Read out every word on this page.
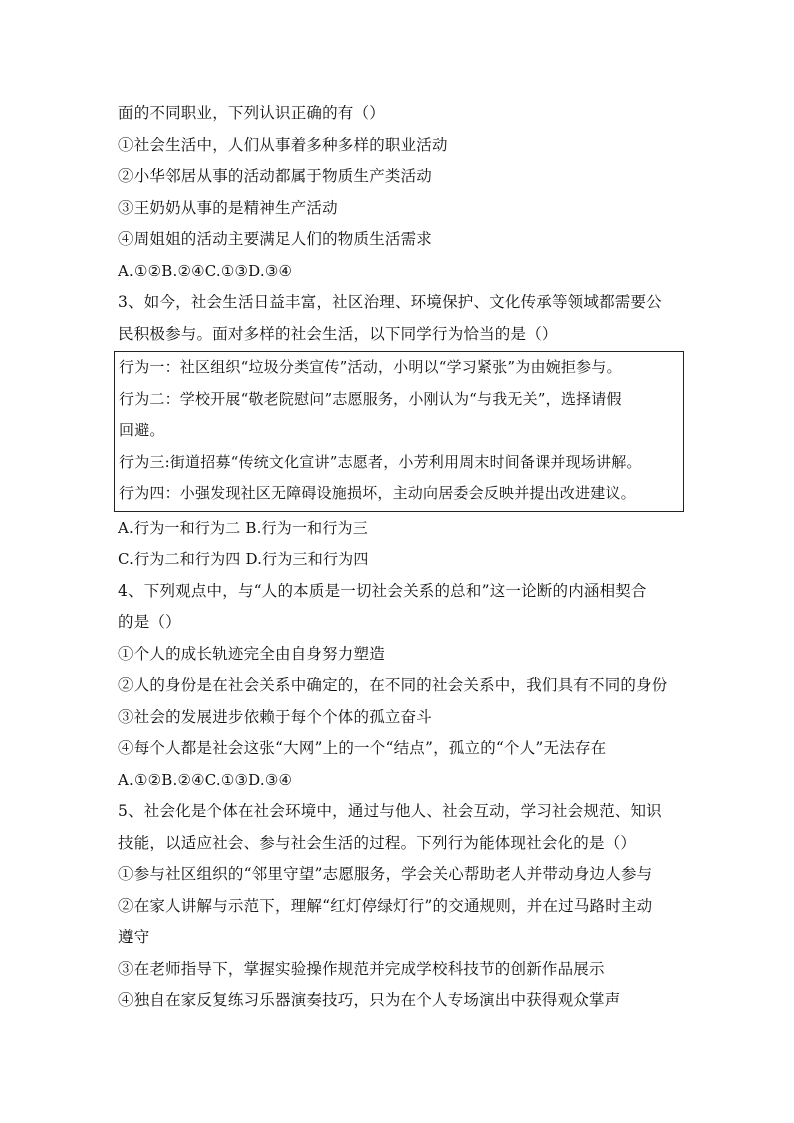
面的不同职业，下列认识正确的有（）
①社会生活中，人们从事着多种多样的职业活动
②小华邻居从事的活动都属于物质生产类活动
③王奶奶从事的是精神生产活动
④周姐姐的活动主要满足人们的物质生活需求
A.①②B.②④C.①③D.③④
3、如今，社会生活日益丰富，社区治理、环境保护、文化传承等领域都需要公
民积极参与。面对多样的社会生活，以下同学行为恰当的是（）
行为一：社区组织“垃圾分类宣传”活动，小明以“学习紧张”为由婉拒参与。
行为二：学校开展“敬老院慰问”志愿服务，小刚认为“与我无关”，选择请假
回避。
行为三:街道招募“传统文化宣讲”志愿者，小芳利用周末时间备课并现场讲解。
行为四：小强发现社区无障碍设施损坏，主动向居委会反映并提出改进建议。
A.行为一和行为二 B.行为一和行为三
C.行为二和行为四 D.行为三和行为四
4、下列观点中，与“人的本质是一切社会关系的总和”这一论断的内涵相契合
的是（）
①个人的成长轨迹完全由自身努力塑造
②人的身份是在社会关系中确定的，在不同的社会关系中，我们具有不同的身份
③社会的发展进步依赖于每个个体的孤立奋斗
④每个人都是社会这张“大网”上的一个“结点”，孤立的“个人”无法存在
A.①②B.②④C.①③D.③④
5、社会化是个体在社会环境中，通过与他人、社会互动，学习社会规范、知识
技能，以适应社会、参与社会生活的过程。下列行为能体现社会化的是（）
①参与社区组织的“邻里守望”志愿服务，学会关心帮助老人并带动身边人参与
②在家人讲解与示范下，理解“红灯停绿灯行”的交通规则，并在过马路时主动
遵守
③在老师指导下，掌握实验操作规范并完成学校科技节的创新作品展示
④独自在家反复练习乐器演奏技巧，只为在个人专场演出中获得观众掌声
